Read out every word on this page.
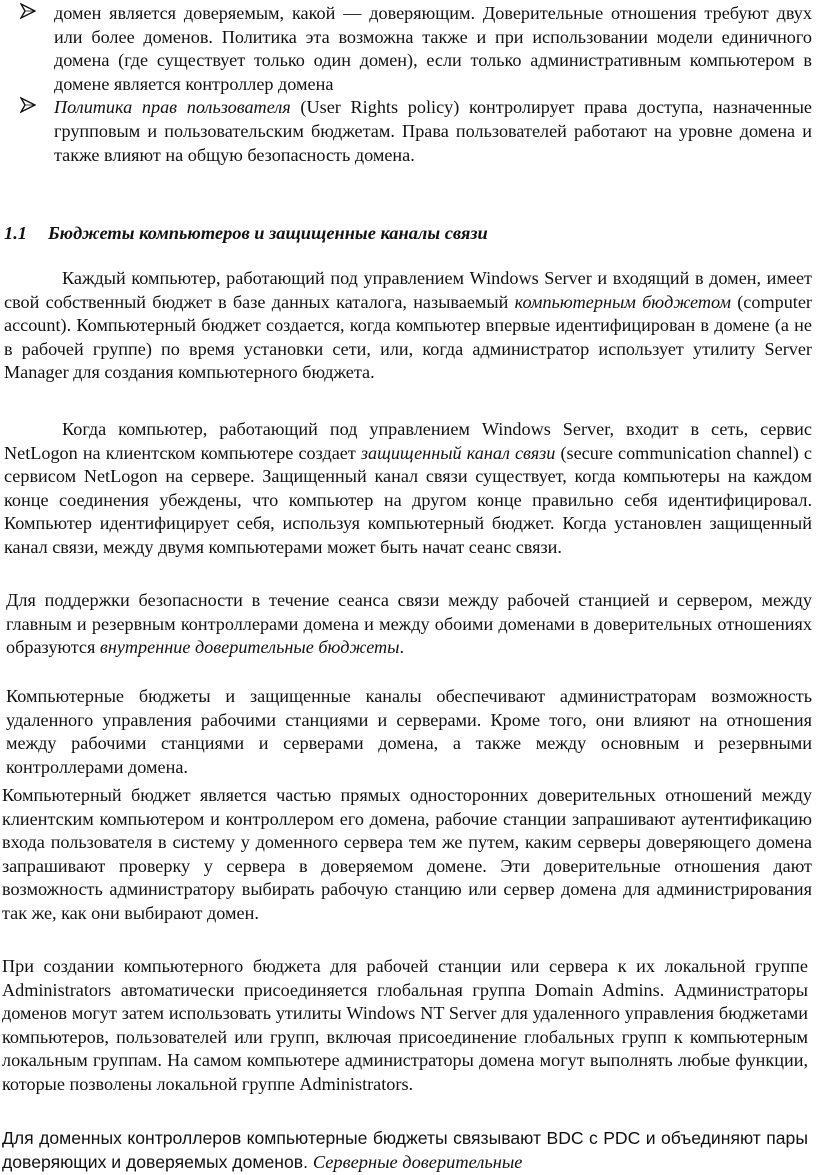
домен является доверяемым, какой — доверяющим. Доверительные отношения требуют двух или более доменов. Политика эта возможна также и при использовании модели единичного домена (где существует только один домен), если только административным компьютером в домене является контроллер домена

Политика прав пользователя (User Rights policy) контролирует права доступа, назначенные групповым и пользовательским бюджетам. Права пользователей работают на уровне домена и также влияют на общую безопасность домена.

1.1 Бюджеты компьютеров и защищенные каналы связи

Каждый компьютер, работающий под управлением Windows Server и входящий в домен, имеет свой собственный бюджет в базе данных каталога, называемый компьютерным бюджетом (computer account). Компьютерный бюджет создается, когда компьютер впервые идентифицирован в домене (а не в рабочей группе) по время установки сети, или, когда администратор использует утилиту Server Manager для создания компьютерного бюджета.

Когда компьютер, работающий под управлением Windows Server, входит в сеть, сервис NetLogon на клиентском компьютере создает защищенный канал связи (secure communication channel) с сервисом NetLogon на сервере. Защищенный канал связи существует, когда компьютеры на каждом конце соединения убеждены, что компьютер на другом конце правильно себя идентифицировал. Компьютер идентифицирует себя, используя компьютерный бюджет. Когда установлен защищенный канал связи, между двумя компьютерами может быть начат сеанс связи.

Для поддержки безопасности в течение сеанса связи между рабочей станцией и сервером, между главным и резервным контроллерами домена и между обоими доменами в доверительных отношениях образуются внутренние доверительные бюджеты.

Компьютерные бюджеты и защищенные каналы обеспечивают администраторам возможность удаленного управления рабочими станциями и серверами. Кроме того, они влияют на отношения между рабочими станциями и серверами домена, а также между основным и резервными контроллерами домена.

Компьютерный бюджет является частью прямых односторонних доверительных отношений между клиентским компьютером и контроллером его домена, рабочие станции запрашивают аутентификацию входа пользователя в систему у доменного сервера тем же путем, каким серверы доверяющего домена запрашивают проверку у сервера в доверяемом домене. Эти доверительные отношения дают возможность администратору выбирать рабочую станцию или сервер домена для администрирования так же, как они выбирают домен.

При создании компьютерного бюджета для рабочей станции или сервера к их локальной группе Administrators автоматически присоединяется глобальная группа Domain Admins. Администраторы доменов могут затем использовать утилиты Windows NT Server для удаленного управления бюджетами компьютеров, пользователей или групп, включая присоединение глобальных групп к компьютерным локальным группам. На самом компьютере администраторы домена могут выполнять любые функции, которые позволены локальной группе Administrators.

Для доменных контроллеров компьютерные бюджеты связывают BDC с PDC и объединяют пары доверяющих и доверяемых доменов. Серверные доверительные
